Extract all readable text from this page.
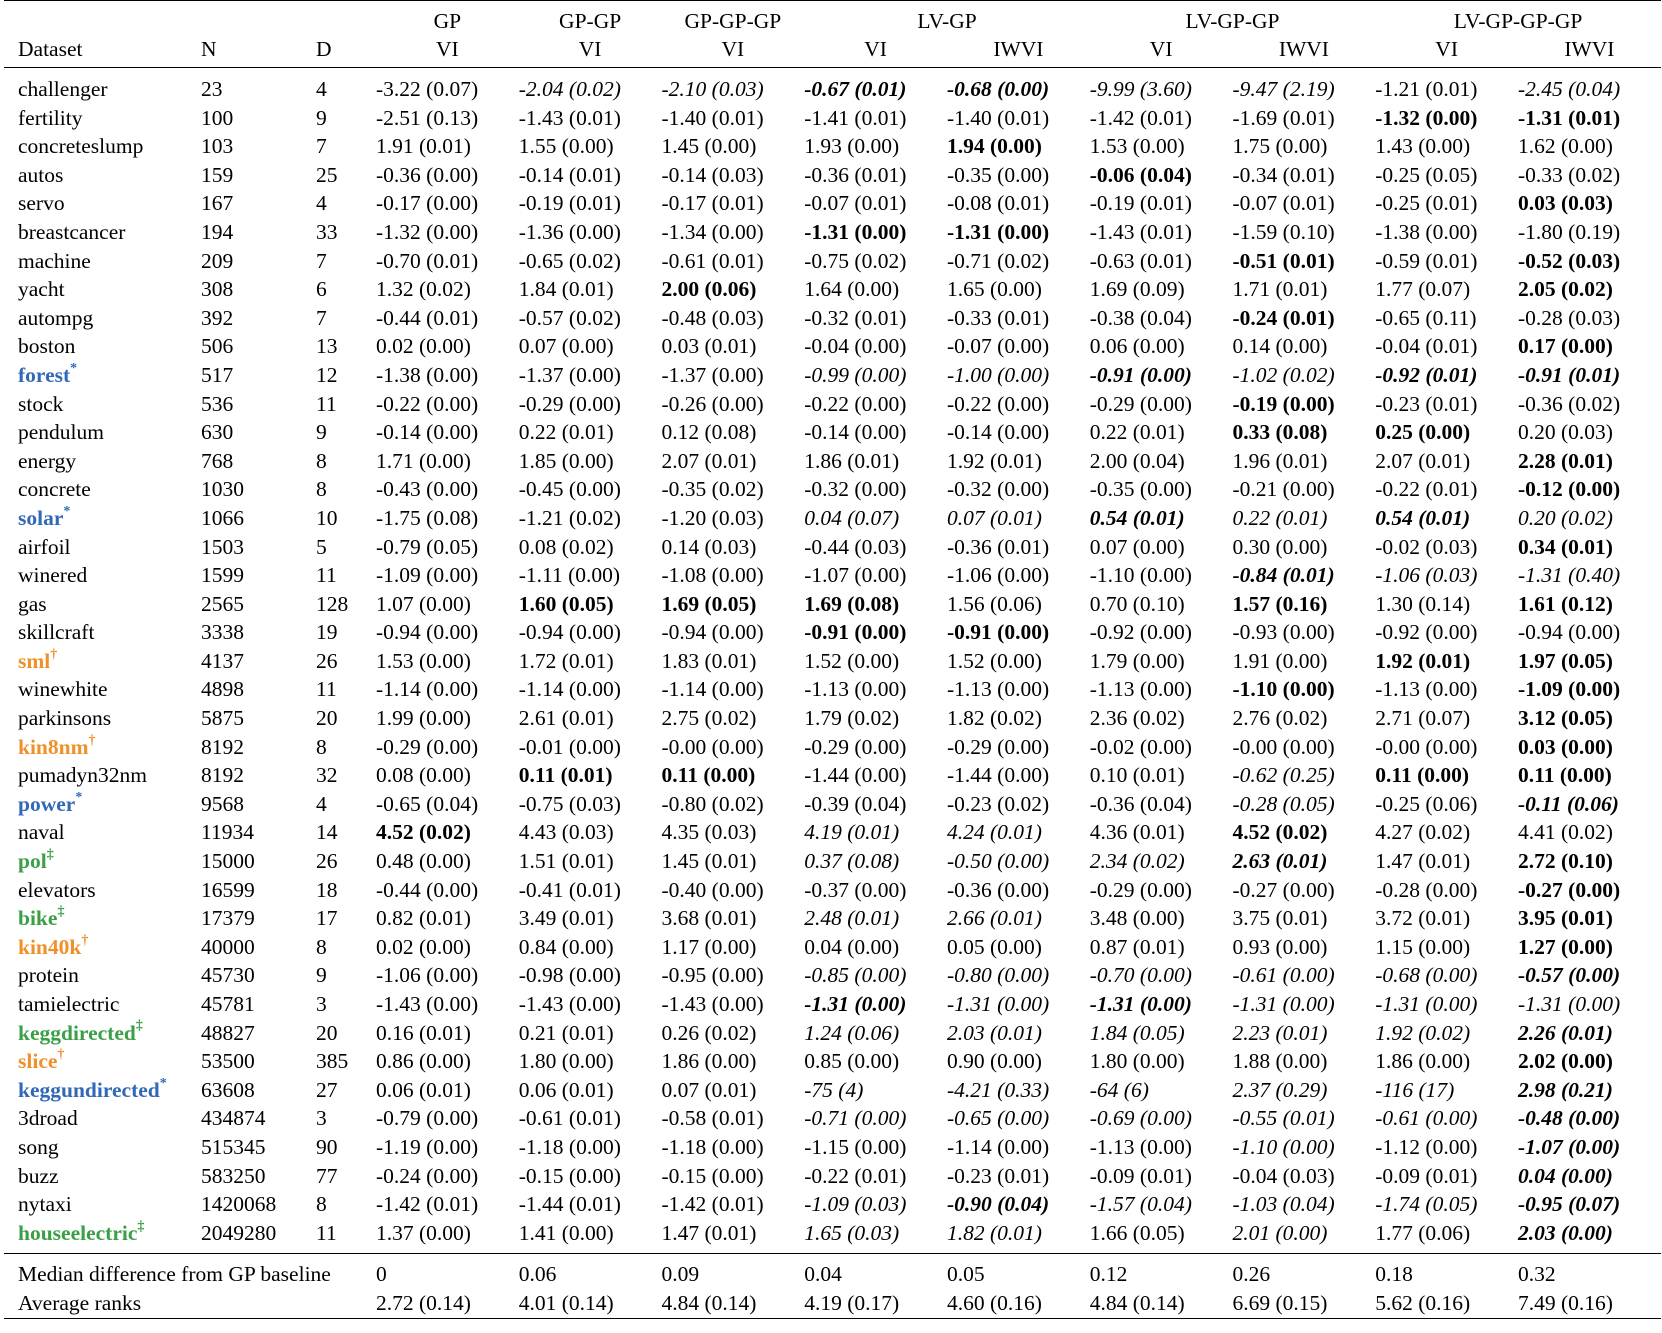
			GP	GP-GP	GP-GP-GP	LV-GP		LV-GP-GP		LV-GP-GP-GP	
Dataset	N	D	VI	VI	VI	VI	IWVI	VI	IWVI	VI	IWVI
challenger	23	4	-3.22 (0.07)	-2.04 (0.02)	-2.10 (0.03)	-0.67 (0.01)	-0.68 (0.00)	-9.99 (3.60)	-9.47 (2.19)	-1.21 (0.01)	-2.45 (0.04)
fertility	100	9	-2.51 (0.13)	-1.43 (0.01)	-1.40 (0.01)	-1.41 (0.01)	-1.40 (0.01)	-1.42 (0.01)	-1.69 (0.01)	-1.32 (0.00)	-1.31 (0.01)
concreteslump	103	7	1.91 (0.01)	1.55 (0.00)	1.45 (0.00)	1.93 (0.00)	1.94 (0.00)	1.53 (0.00)	1.75 (0.00)	1.43 (0.00)	1.62 (0.00)
autos	159	25	-0.36 (0.00)	-0.14 (0.01)	-0.14 (0.03)	-0.36 (0.01)	-0.35 (0.00)	-0.06 (0.04)	-0.34 (0.01)	-0.25 (0.05)	-0.33 (0.02)
servo	167	4	-0.17 (0.00)	-0.19 (0.01)	-0.17 (0.01)	-0.07 (0.01)	-0.08 (0.01)	-0.19 (0.01)	-0.07 (0.01)	-0.25 (0.01)	0.03 (0.03)
breastcancer	194	33	-1.32 (0.00)	-1.36 (0.00)	-1.34 (0.00)	-1.31 (0.00)	-1.31 (0.00)	-1.43 (0.01)	-1.59 (0.10)	-1.38 (0.00)	-1.80 (0.19)
machine	209	7	-0.70 (0.01)	-0.65 (0.02)	-0.61 (0.01)	-0.75 (0.02)	-0.71 (0.02)	-0.63 (0.01)	-0.51 (0.01)	-0.59 (0.01)	-0.52 (0.03)
yacht	308	6	1.32 (0.02)	1.84 (0.01)	2.00 (0.06)	1.64 (0.00)	1.65 (0.00)	1.69 (0.09)	1.71 (0.01)	1.77 (0.07)	2.05 (0.02)
autompg	392	7	-0.44 (0.01)	-0.57 (0.02)	-0.48 (0.03)	-0.32 (0.01)	-0.33 (0.01)	-0.38 (0.04)	-0.24 (0.01)	-0.65 (0.11)	-0.28 (0.03)
boston	506	13	0.02 (0.00)	0.07 (0.00)	0.03 (0.01)	-0.04 (0.00)	-0.07 (0.00)	0.06 (0.00)	0.14 (0.00)	-0.04 (0.01)	0.17 (0.00)
forest*	517	12	-1.38 (0.00)	-1.37 (0.00)	-1.37 (0.00)	-0.99 (0.00)	-1.00 (0.00)	-0.91 (0.00)	-1.02 (0.02)	-0.92 (0.01)	-0.91 (0.01)
stock	536	11	-0.22 (0.00)	-0.29 (0.00)	-0.26 (0.00)	-0.22 (0.00)	-0.22 (0.00)	-0.29 (0.00)	-0.19 (0.00)	-0.23 (0.01)	-0.36 (0.02)
pendulum	630	9	-0.14 (0.00)	0.22 (0.01)	0.12 (0.08)	-0.14 (0.00)	-0.14 (0.00)	0.22 (0.01)	0.33 (0.08)	0.25 (0.00)	0.20 (0.03)
energy	768	8	1.71 (0.00)	1.85 (0.00)	2.07 (0.01)	1.86 (0.01)	1.92 (0.01)	2.00 (0.04)	1.96 (0.01)	2.07 (0.01)	2.28 (0.01)
concrete	1030	8	-0.43 (0.00)	-0.45 (0.00)	-0.35 (0.02)	-0.32 (0.00)	-0.32 (0.00)	-0.35 (0.00)	-0.21 (0.00)	-0.22 (0.01)	-0.12 (0.00)
solar*	1066	10	-1.75 (0.08)	-1.21 (0.02)	-1.20 (0.03)	0.04 (0.07)	0.07 (0.01)	0.54 (0.01)	0.22 (0.01)	0.54 (0.01)	0.20 (0.02)
airfoil	1503	5	-0.79 (0.05)	0.08 (0.02)	0.14 (0.03)	-0.44 (0.03)	-0.36 (0.01)	0.07 (0.00)	0.30 (0.00)	-0.02 (0.03)	0.34 (0.01)
winered	1599	11	-1.09 (0.00)	-1.11 (0.00)	-1.08 (0.00)	-1.07 (0.00)	-1.06 (0.00)	-1.10 (0.00)	-0.84 (0.01)	-1.06 (0.03)	-1.31 (0.40)
gas	2565	128	1.07 (0.00)	1.60 (0.05)	1.69 (0.05)	1.69 (0.08)	1.56 (0.06)	0.70 (0.10)	1.57 (0.16)	1.30 (0.14)	1.61 (0.12)
skillcraft	3338	19	-0.94 (0.00)	-0.94 (0.00)	-0.94 (0.00)	-0.91 (0.00)	-0.91 (0.00)	-0.92 (0.00)	-0.93 (0.00)	-0.92 (0.00)	-0.94 (0.00)
sml†	4137	26	1.53 (0.00)	1.72 (0.01)	1.83 (0.01)	1.52 (0.00)	1.52 (0.00)	1.79 (0.00)	1.91 (0.00)	1.92 (0.01)	1.97 (0.05)
winewhite	4898	11	-1.14 (0.00)	-1.14 (0.00)	-1.14 (0.00)	-1.13 (0.00)	-1.13 (0.00)	-1.13 (0.00)	-1.10 (0.00)	-1.13 (0.00)	-1.09 (0.00)
parkinsons	5875	20	1.99 (0.00)	2.61 (0.01)	2.75 (0.02)	1.79 (0.02)	1.82 (0.02)	2.36 (0.02)	2.76 (0.02)	2.71 (0.07)	3.12 (0.05)
kin8nm†	8192	8	-0.29 (0.00)	-0.01 (0.00)	-0.00 (0.00)	-0.29 (0.00)	-0.29 (0.00)	-0.02 (0.00)	-0.00 (0.00)	-0.00 (0.00)	0.03 (0.00)
pumadyn32nm	8192	32	0.08 (0.00)	0.11 (0.01)	0.11 (0.00)	-1.44 (0.00)	-1.44 (0.00)	0.10 (0.01)	-0.62 (0.25)	0.11 (0.00)	0.11 (0.00)
power*	9568	4	-0.65 (0.04)	-0.75 (0.03)	-0.80 (0.02)	-0.39 (0.04)	-0.23 (0.02)	-0.36 (0.04)	-0.28 (0.05)	-0.25 (0.06)	-0.11 (0.06)
naval	11934	14	4.52 (0.02)	4.43 (0.03)	4.35 (0.03)	4.19 (0.01)	4.24 (0.01)	4.36 (0.01)	4.52 (0.02)	4.27 (0.02)	4.41 (0.02)
pol‡	15000	26	0.48 (0.00)	1.51 (0.01)	1.45 (0.01)	0.37 (0.08)	-0.50 (0.00)	2.34 (0.02)	2.63 (0.01)	1.47 (0.01)	2.72 (0.10)
elevators	16599	18	-0.44 (0.00)	-0.41 (0.01)	-0.40 (0.00)	-0.37 (0.00)	-0.36 (0.00)	-0.29 (0.00)	-0.27 (0.00)	-0.28 (0.00)	-0.27 (0.00)
bike‡	17379	17	0.82 (0.01)	3.49 (0.01)	3.68 (0.01)	2.48 (0.01)	2.66 (0.01)	3.48 (0.00)	3.75 (0.01)	3.72 (0.01)	3.95 (0.01)
kin40k†	40000	8	0.02 (0.00)	0.84 (0.00)	1.17 (0.00)	0.04 (0.00)	0.05 (0.00)	0.87 (0.01)	0.93 (0.00)	1.15 (0.00)	1.27 (0.00)
protein	45730	9	-1.06 (0.00)	-0.98 (0.00)	-0.95 (0.00)	-0.85 (0.00)	-0.80 (0.00)	-0.70 (0.00)	-0.61 (0.00)	-0.68 (0.00)	-0.57 (0.00)
tamielectric	45781	3	-1.43 (0.00)	-1.43 (0.00)	-1.43 (0.00)	-1.31 (0.00)	-1.31 (0.00)	-1.31 (0.00)	-1.31 (0.00)	-1.31 (0.00)	-1.31 (0.00)
keggdirected‡	48827	20	0.16 (0.01)	0.21 (0.01)	0.26 (0.02)	1.24 (0.06)	2.03 (0.01)	1.84 (0.05)	2.23 (0.01)	1.92 (0.02)	2.26 (0.01)
slice†	53500	385	0.86 (0.00)	1.80 (0.00)	1.86 (0.00)	0.85 (0.00)	0.90 (0.00)	1.80 (0.00)	1.88 (0.00)	1.86 (0.00)	2.02 (0.00)
keggundirected*	63608	27	0.06 (0.01)	0.06 (0.01)	0.07 (0.01)	-75 (4)	-4.21 (0.33)	-64 (6)	2.37 (0.29)	-116 (17)	2.98 (0.21)
3droad	434874	3	-0.79 (0.00)	-0.61 (0.01)	-0.58 (0.01)	-0.71 (0.00)	-0.65 (0.00)	-0.69 (0.00)	-0.55 (0.01)	-0.61 (0.00)	-0.48 (0.00)
song	515345	90	-1.19 (0.00)	-1.18 (0.00)	-1.18 (0.00)	-1.15 (0.00)	-1.14 (0.00)	-1.13 (0.00)	-1.10 (0.00)	-1.12 (0.00)	-1.07 (0.00)
buzz	583250	77	-0.24 (0.00)	-0.15 (0.00)	-0.15 (0.00)	-0.22 (0.01)	-0.23 (0.01)	-0.09 (0.01)	-0.04 (0.03)	-0.09 (0.01)	0.04 (0.00)
nytaxi	1420068	8	-1.42 (0.01)	-1.44 (0.01)	-1.42 (0.01)	-1.09 (0.03)	-0.90 (0.04)	-1.57 (0.04)	-1.03 (0.04)	-1.74 (0.05)	-0.95 (0.07)
houseelectric‡	2049280	11	1.37 (0.00)	1.41 (0.00)	1.47 (0.01)	1.65 (0.03)	1.82 (0.01)	1.66 (0.05)	2.01 (0.00)	1.77 (0.06)	2.03 (0.00)
Median difference from GP baseline			0	0.06	0.09	0.04	0.05	0.12	0.26	0.18	0.32
Average ranks			2.72 (0.14)	4.01 (0.14)	4.84 (0.14)	4.19 (0.17)	4.60 (0.16)	4.84 (0.14)	6.69 (0.15)	5.62 (0.16)	7.49 (0.16)
